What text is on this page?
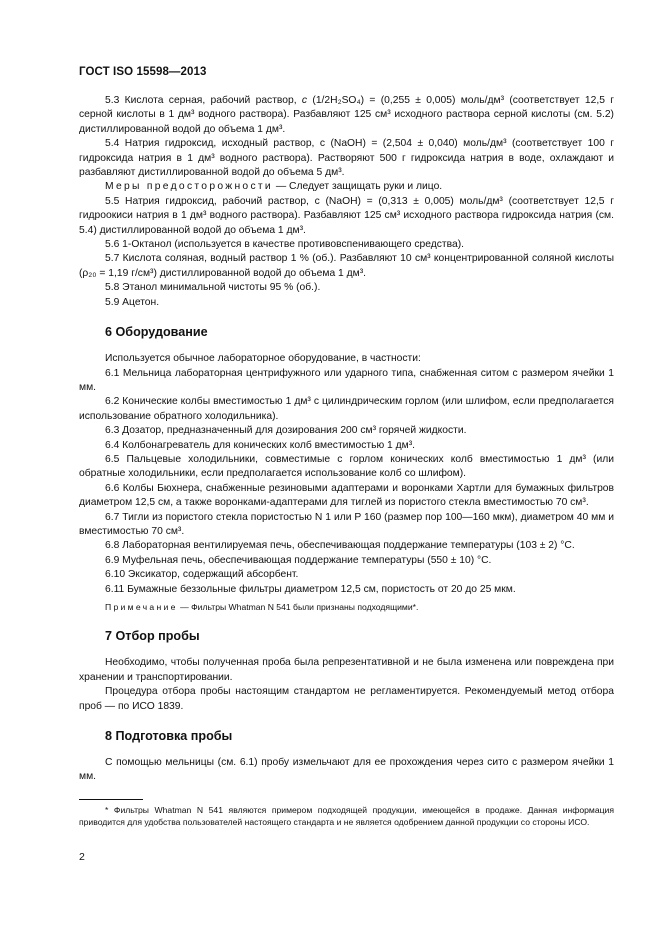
ГОСТ ISO 15598—2013

5.3 Кислота серная, рабочий раствор, c (1/2H₂SO₄) = (0,255 ± 0,005) моль/дм³ (соответствует 12,5 г серной кислоты в 1 дм³ водного раствора). Разбавляют 125 см³ исходного раствора серной кислоты (см. 5.2) дистиллированной водой до объема 1 дм³.

5.4 Натрия гидроксид, исходный раствор, c (NaOH) = (2,504 ± 0,040) моль/дм³ (соответствует 100 г гидроксида натрия в 1 дм³ водного раствора). Растворяют 500 г гидроксида натрия в воде, охлаждают и разбавляют дистиллированной водой до объема 5 дм³.

Меры предосторожности — Следует защищать руки и лицо.

5.5 Натрия гидроксид, рабочий раствор, c (NaOH) = (0,313 ± 0,005) моль/дм³ (соответствует 12,5 г гидроокиси натрия в 1 дм³ водного раствора). Разбавляют 125 см³ исходного раствора гидроксида натрия (см. 5.4) дистиллированной водой до объема 1 дм³.

5.6 1-Октанол (используется в качестве противовспенивающего средства).

5.7 Кислота соляная, водный раствор 1 % (об.). Разбавляют 10 см³ концентрированной соляной кислоты (ρ₂₀ = 1,19 г/см³) дистиллированной водой до объема 1 дм³.

5.8 Этанол минимальной чистоты 95 % (об.).

5.9 Ацетон.

6 Оборудование

Используется обычное лабораторное оборудование, в частности:

6.1 Мельница лабораторная центрифужного или ударного типа, снабженная ситом с размером ячейки 1 мм.

6.2 Конические колбы вместимостью 1 дм³ с цилиндрическим горлом (или шлифом, если предполагается использование обратного холодильника).

6.3 Дозатор, предназначенный для дозирования 200 см³ горячей жидкости.

6.4 Колбонагреватель для конических колб вместимостью 1 дм³.

6.5 Пальцевые холодильники, совместимые с горлом конических колб вместимостью 1 дм³ (или обратные холодильники, если предполагается использование колб со шлифом).

6.6 Колбы Бюхнера, снабженные резиновыми адаптерами и воронками Хартли для бумажных фильтров диаметром 12,5 см, а также воронками-адаптерами для тиглей из пористого стекла вместимостью 70 см³.

6.7 Тигли из пористого стекла пористостью N 1 или P 160 (размер пор 100—160 мкм), диаметром 40 мм и вместимостью 70 см³.

6.8 Лабораторная вентилируемая печь, обеспечивающая поддержание температуры (103 ± 2) °С.

6.9 Муфельная печь, обеспечивающая поддержание температуры (550 ± 10) °С.

6.10 Эксикатор, содержащий абсорбент.

6.11 Бумажные беззольные фильтры диаметром 12,5 см, пористость от 20 до 25 мкм.

Примечание — Фильтры Whatman N 541 были признаны подходящими*.

7 Отбор пробы

Необходимо, чтобы полученная проба была репрезентативной и не была изменена или повреждена при хранении и транспортировании.

Процедура отбора пробы настоящим стандартом не регламентируется. Рекомендуемый метод отбора проб — по ИСО 1839.

8 Подготовка пробы

С помощью мельницы (см. 6.1) пробу измельчают для ее прохождения через сито с размером ячейки 1 мм.

* Фильтры Whatman N 541 являются примером подходящей продукции, имеющейся в продаже. Данная информация приводится для удобства пользователей настоящего стандарта и не является одобрением данной продукции со стороны ИСО.
2
